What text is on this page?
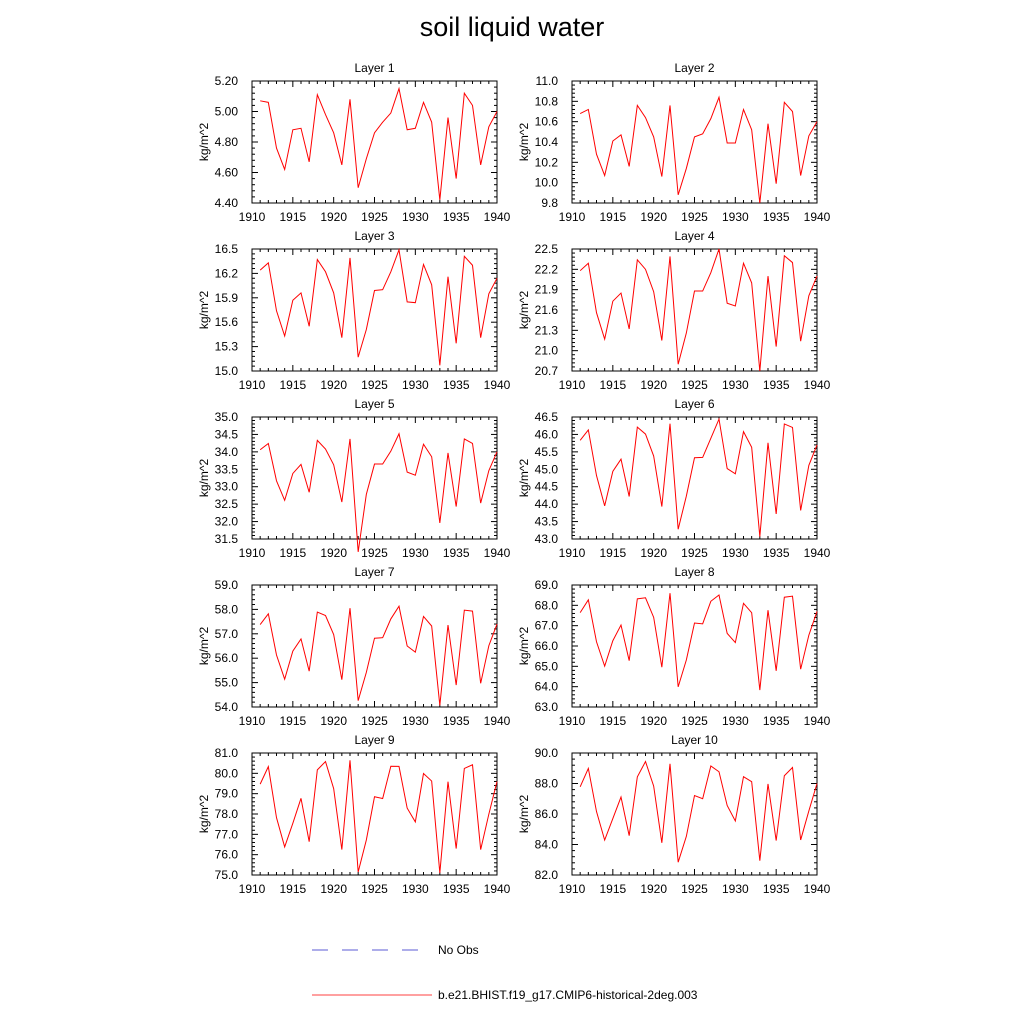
soil liquid water
Layer 1
kg/m^2
1910 1915 1920 1925 1930 1935 1940
4.40
4.60
4.80
5.00
5.20
Layer 2
kg/m^2
1910 1915 1920 1925 1930 1935 1940
9.8
10.0
10.2
10.4
10.6
10.8
11.0
Layer 3
kg/m^2
1910 1915 1920 1925 1930 1935 1940
15.0
15.3
15.6
15.9
16.2
16.5
Layer 4
kg/m^2
1910 1915 1920 1925 1930 1935 1940
20.7
21.0
21.3
21.6
21.9
22.2
22.5
Layer 5
kg/m^2
1910 1915 1920 1925 1930 1935 1940
31.5
32.0
32.5
33.0
33.5
34.0
34.5
35.0
Layer 6
kg/m^2
1910 1915 1920 1925 1930 1935 1940
43.0
43.5
44.0
44.5
45.0
45.5
46.0
46.5
Layer 7
kg/m^2
1910 1915 1920 1925 1930 1935 1940
54.0
55.0
56.0
57.0
58.0
59.0
Layer 8
kg/m^2
1910 1915 1920 1925 1930 1935 1940
63.0
64.0
65.0
66.0
67.0
68.0
69.0
Layer 9
kg/m^2
1910 1915 1920 1925 1930 1935 1940
75.0
76.0
77.0
78.0
79.0
80.0
81.0
Layer 10
kg/m^2
1910 1915 1920 1925 1930 1935 1940
82.0
84.0
86.0
88.0
90.0
No Obs
b.e21.BHIST.f19_g17.CMIP6-historical-2deg.003
